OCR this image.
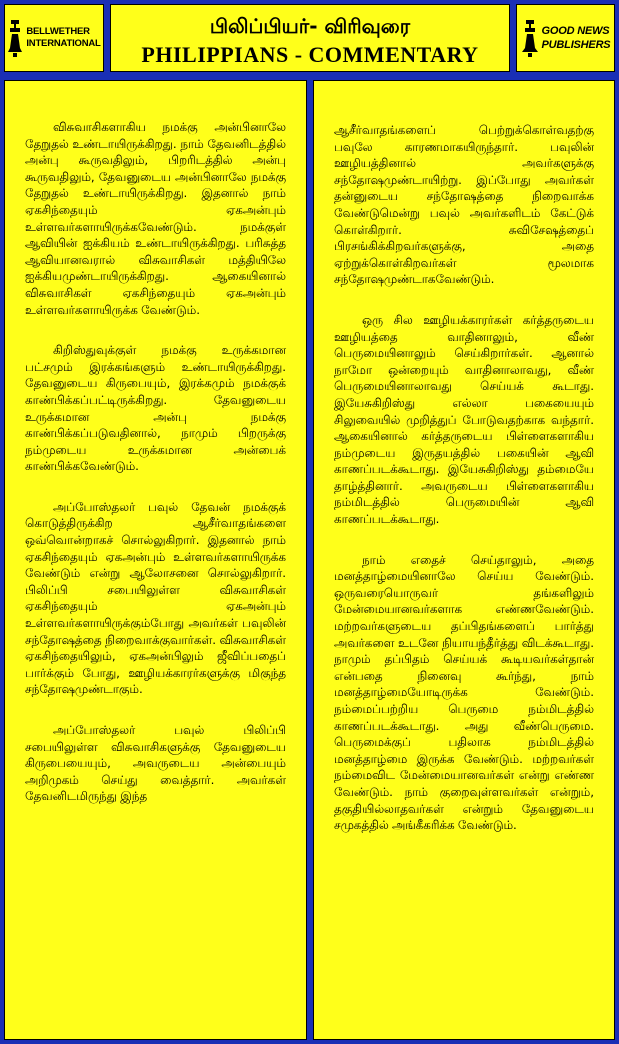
BELLWETHER
INTERNATIONAL
பிலிப்பியர்- விரிவுரை
PHILIPPIANS - COMMENTARY
GOOD NEWS
PUBLISHERS

விசுவாசிகளாகிய நமக்கு அன்பினாலே தேறுதல் உண்டாயிருக்கிறது. நாம் தேவனிடத்தில் அன்பு கூருவதிலும், பிறரிடத்தில் அன்பு கூருவதிலும், தேவனுடைய அன்பினாலே நமக்கு தேறுதல் உண்டாயிருக்கிறது. இதனால் நாம் ஏகசிந்தையும் ஏகஅன்பும் உள்ளவர்களாயிருக்கவேண்டும். நமக்குள் ஆவியின் ஐக்கியம் உண்டாயிருக்கிறது. பரிசுத்த ஆவியானவரால் விசுவாசிகள் மத்தியிலே ஐக்கியமுண்டாயிருக்கிறது. ஆகையினால் விசுவாசிகள் ஏகசிந்தையும் ஏகஅன்பும் உள்ளவர்களாயிருக்க வேண்டும்.

கிறிஸ்துவுக்குள் நமக்கு உருக்கமான பட்சமும் இரக்கங்களும் உண்டாயிருக்கிறது. தேவனுடைய கிருபையும், இரக்கமும் நமக்குக் காண்பிக்கப்பட்டிருக்கிறது. தேவனுடைய உருக்கமான அன்பு நமக்கு காண்பிக்கப்படுவதினால், நாமும் பிறருக்கு நம்முடைய உருக்கமான அன்பைக் காண்பிக்கவேண்டும்.

அப்போஸ்தலர் பவுல் தேவன் நமக்குக் கொடுத்திருக்கிற ஆசீர்வாதங்களை ஒவ்வொன்றாகச் சொல்லுகிறார். இதனால் நாம் ஏகசிந்தையும் ஏகஅன்பும் உள்ளவர்களாயிருக்க வேண்டும் என்று ஆலோசனை சொல்லுகிறார். பிலிப்பி சபையிலுள்ள விசுவாசிகள் ஏகசிந்தையும் ஏகஅன்பும் உள்ளவர்களாயிருக்கும்போது அவர்கள் பவுலின் சந்தோஷத்தை நிறைவாக்குவார்கள். விசுவாசிகள் ஏகசிந்தையிலும், ஏகஅன்பிலும் ஜீவிப்பதைப் பார்க்கும் போது, ஊழியக்காரர்களுக்கு மிகுந்த சந்தோஷமுண்டாகும்.

அப்போஸ்தலர் பவுல் பிலிப்பி சபையிலுள்ள விசுவாசிகளுக்கு தேவனுடைய கிருபையையும், அவருடைய அன்பையும் அறிமுகம் செய்து வைத்தார். அவர்கள் தேவனிடமிருந்து இந்த

ஆசீர்வாதங்களைப் பெற்றுக்கொள்வதற்கு பவுலே காரணமாகயிருந்தார். பவுலின் ஊழியத்தினால் அவர்களுக்கு சந்தோஷமுண்டாயிற்று. இப்போது அவர்கள் தன்னுடைய சந்தோஷத்தை நிறைவாக்க வேண்டுமென்று பவுல் அவர்களிடம் கேட்டுக் கொள்கிறார். சுவிசேஷத்தைப் பிரசங்கிக்கிறவர்களுக்கு, அதை ஏற்றுக்கொள்கிறவர்கள் மூலமாக சந்தோஷமுண்டாகவேண்டும்.

ஒரு சில ஊழியக்காரர்கள் கர்த்தருடைய ஊழியத்தை வாதினாலும், வீண் பெருமையினாலும் செய்கிறார்கள். ஆனால் நாமோ ஒன்றையும் வாதினாலாவது, வீண் பெருமையினாலாவது செய்யக் கூடாது. இயேசுகிறிஸ்து எல்லா பகையையும் சிலுவையில் முறித்துப் போடுவதற்காக வந்தார். ஆகையினால் கர்த்தருடைய பிள்ளைகளாகிய நம்முடைய இருதயத்தில் பகையின் ஆவி காணப்படக்கூடாது. இயேசுகிறிஸ்து தம்மையே தாழ்த்தினார். அவருடைய பிள்ளைகளாகிய நம்மிடத்தில் பெருமையின் ஆவி காணப்படக்கூடாது.

நாம் எதைச் செய்தாலும், அதை மனத்தாழ்மையினாலே செய்ய வேண்டும். ஒருவரையொருவர் தங்களிலும் மேன்மையானவர்களாக எண்ணவேண்டும். மற்றவர்களுடைய தப்பிதங்களைப் பார்த்து அவர்களை உடனே நியாயந்தீர்த்து விடக்கூடாது. நாமும் தப்பிதம் செய்யக் கூடியவர்கள்தான் என்பதை நினைவு கூர்ந்து, நாம் மனத்தாழ்மையோடிருக்க வேண்டும். நம்மைப்பற்றிய பெருமை நம்மிடத்தில் காணப்படக்கூடாது. அது வீண்பெருமை. பெருமைக்குப் பதிலாக நம்மிடத்தில் மனத்தாழ்மை இருக்க வேண்டும். மற்றவர்கள் நம்மைவிட மேன்மையானவர்கள் என்று எண்ண வேண்டும். நாம் குறைவுள்ளவர்கள் என்றும், தகுதியில்லாதவர்கள் என்றும் தேவனுடைய சமுகத்தில் அங்கீகரிக்க வேண்டும்.
